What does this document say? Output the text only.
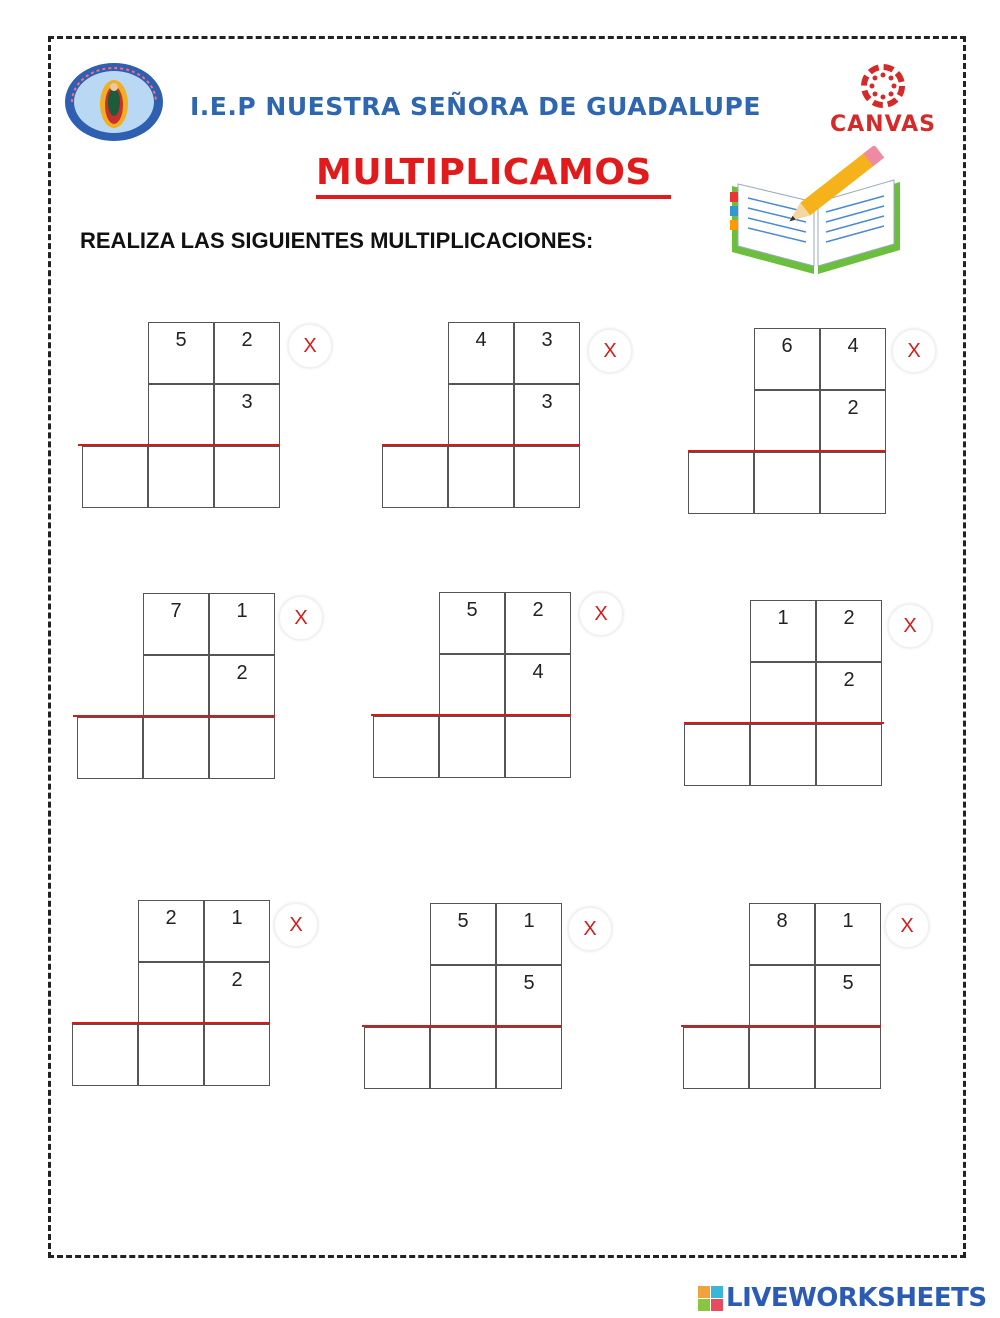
I.E.P NUESTRA SEÑORA DE GUADALUPE
CANVAS
MULTIPLICAMOS
REALIZA LAS SIGUIENTES MULTIPLICACIONES:
5	2
3
X	4	3
3
X	6	4
2
X
7	1
2
X	5	2
4
X	1	2
2
X
2	1
2
X	5	1
5
X	8	1
5
X
LIVEWORKSHEETS
